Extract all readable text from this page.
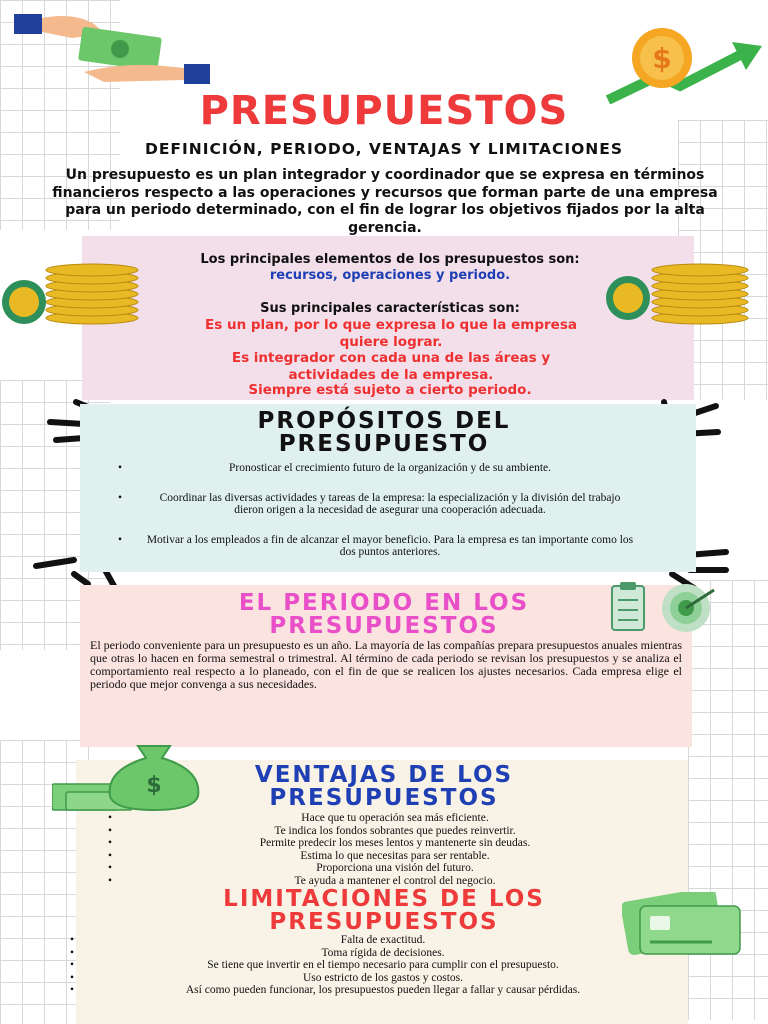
$
PRESUPUESTOS
DEFINICIÓN, PERIODO, VENTAJAS Y LIMITACIONES
Un presupuesto es un plan integrador y coordinador que se expresa en términos financieros respecto a las operaciones y recursos que forman parte de una empresa para un periodo determinado, con el fin de lograr los objetivos fijados por la alta gerencia.
Los principales elementos de los presupuestos son:
recursos, operaciones y periodo.
Sus principales características son:
Es un plan, por lo que expresa lo que la empresa quiere lograr.
Es integrador con cada una de las áreas y actividades de la empresa.
Siempre está sujeto a cierto periodo.
PROPÓSITOS DEL
PRESUPUESTO
• Pronosticar el crecimiento futuro de la organización y de su ambiente.
• Coordinar las diversas actividades y tareas de la empresa: la especialización y la división del trabajo dieron origen a la necesidad de asegurar una cooperación adecuada.
• Motivar a los empleados a fin de alcanzar el mayor beneficio. Para la empresa es tan importante como los dos puntos anteriores.
EL PERIODO EN LOS
PRESUPUESTOS
El periodo conveniente para un presupuesto es un año. La mayoría de las compañías prepara presupuestos anuales mientras que otras lo hacen en forma semestral o trimestral. Al término de cada periodo se revisan los presupuestos y se analiza el comportamiento real respecto a lo planeado, con el fin de que se realicen los ajustes necesarios. Cada empresa elige el periodo que mejor convenga a sus necesidades.
$	VENTAJAS DE LOS
PRESUPUESTOS
• Hace que tu operación sea más eficiente.
• Te indica los fondos sobrantes que puedes reinvertir.
• Permite predecir los meses lentos y mantenerte sin deudas.
• Estima lo que necesitas para ser rentable.
• Proporciona una visión del futuro.
• Te ayuda a mantener el control del negocio.
LIMITACIONES DE LOS
PRESUPUESTOS
• Falta de exactitud.
• Toma rígida de decisiones.
• Se tiene que invertir en el tiempo necesario para cumplir con el presupuesto.
• Uso estricto de los gastos y costos.
• Así como pueden funcionar, los presupuestos pueden llegar a fallar y causar pérdidas.
